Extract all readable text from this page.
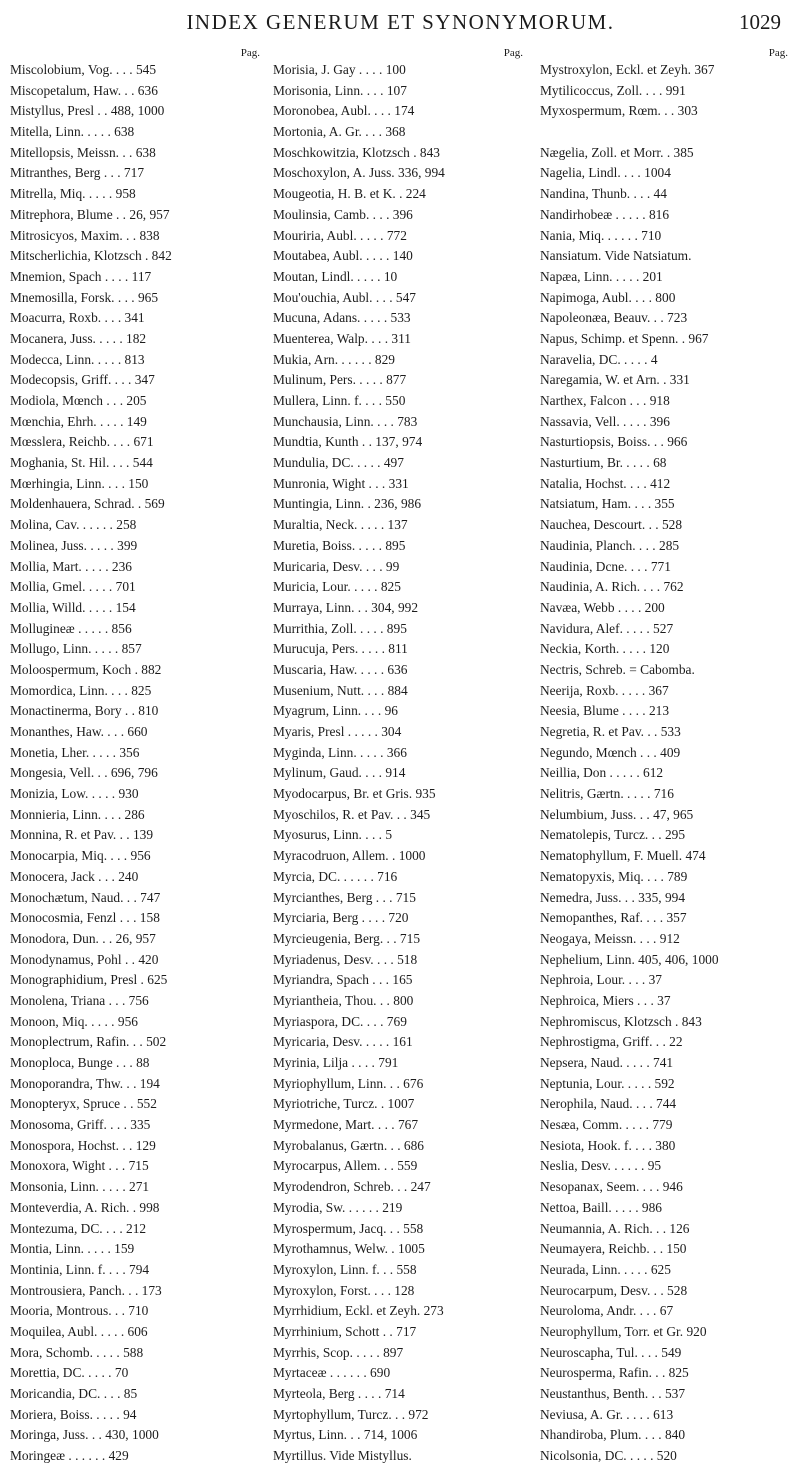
INDEX GENERUM ET SYNONYMORUM.	1029
Pag.
Miscolobium, Vog. . . . 545
Miscopetalum, Haw. . . 636
Mistyllus, Presl . . 488, 1000
Mitella, Linn. . . . . 638
Mitellopsis, Meissn. . . 638
Mitranthes, Berg . . . 717
Mitrella, Miq. . . . . 958
Mitrephora, Blume . . 26, 957
Mitrosicyos, Maxim. . . 838
Mitscherlichia, Klotzsch . 842
Mnemion, Spach . . . . 117
Mnemosilla, Forsk. . . . 965
Moacurra, Roxb. . . . 341
Mocanera, Juss. . . . . 182
Modecca, Linn. . . . . 813
Modecopsis, Griff. . . . 347
Modiola, Mœnch . . . 205
Mœnchia, Ehrh. . . . . 149
Mœsslera, Reichb. . . . 671
Moghania, St. Hil. . . . 544
Mœrhingia, Linn. . . . 150
Moldenhauera, Schrad. . 569
Molina, Cav. . . . . . 258
Molinea, Juss. . . . . 399
Mollia, Mart. . . . . 236
Mollia, Gmel. . . . . 701
Mollia, Willd. . . . . 154
Mollugineæ . . . . . 856
Mollugo, Linn. . . . . 857
Moloospermum, Koch . 882
Momordica, Linn. . . . 825
Monactinerma, Bory . . 810
Monanthes, Haw. . . . 660
Monetia, Lher. . . . . 356
Mongesia, Vell. . . 696, 796
Monizia, Low. . . . . 930
Monnieria, Linn. . . . 286
Monnina, R. et Pav. . . 139
Monocarpia, Miq. . . . 956
Monocera, Jack . . . 240
Monochætum, Naud. . . 747
Monocosmia, Fenzl . . . 158
Monodora, Dun. . . 26, 957
Monodynamus, Pohl . . 420
Monographidium, Presl . 625
Monolena, Triana . . . 756
Monoon, Miq. . . . . 956
Monoplectrum, Rafin. . . 502
Monoploca, Bunge . . . 88
Monoporandra, Thw. . . 194
Monopteryx, Spruce . . 552
Monosoma, Griff. . . . 335
Monospora, Hochst. . . 129
Monoxora, Wight . . . 715
Monsonia, Linn. . . . . 271
Monteverdia, A. Rich. . 998
Montezuma, DC. . . . 212
Montia, Linn. . . . . 159
Montinia, Linn. f. . . . 794
Montrousiera, Panch. . . 173
Mooria, Montrous. . . 710
Moquilea, Aubl. . . . . 606
Mora, Schomb. . . . . 588
Morettia, DC. . . . . 70
Moricandia, DC. . . . 85
Moriera, Boiss. . . . . 94
Moringa, Juss. . . 430, 1000
Moringeæ . . . . . . 429
Pag.
Morisia, J. Gay . . . . 100
Morisonia, Linn. . . . 107
Moronobea, Aubl. . . . 174
Mortonia, A. Gr. . . . 368
Moschkowitzia, Klotzsch . 843
Moschoxylon, A. Juss. 336, 994
Mougeotia, H. B. et K. . 224
Moulinsia, Camb. . . . 396
Mouriria, Aubl. . . . . 772
Moutabea, Aubl. . . . . 140
Moutan, Lindl. . . . . 10
Mou'ouchia, Aubl. . . . 547
Mucuna, Adans. . . . . 533
Muenterea, Walp. . . . 311
Mukia, Arn. . . . . . 829
Mulinum, Pers. . . . . 877
Mullera, Linn. f. . . . 550
Munchausia, Linn. . . . 783
Mundtia, Kunth . . 137, 974
Mundulia, DC. . . . . 497
Munronia, Wight . . . 331
Muntingia, Linn. . 236, 986
Muraltia, Neck. . . . . 137
Muretia, Boiss. . . . . 895
Muricaria, Desv. . . . 99
Muricia, Lour. . . . . 825
Murraya, Linn. . . 304, 992
Murrithia, Zoll. . . . . 895
Murucuja, Pers. . . . . 811
Muscaria, Haw. . . . . 636
Musenium, Nutt. . . . 884
Myagrum, Linn. . . . 96
Myaris, Presl . . . . . 304
Myginda, Linn. . . . . 366
Mylinum, Gaud. . . . 914
Myodocarpus, Br. et Gris. 935
Myoschilos, R. et Pav. . . 345
Myosurus, Linn. . . . 5
Myracodruon, Allem. . 1000
Myrcia, DC. . . . . . 716
Myrcianthes, Berg . . . 715
Myrciaria, Berg . . . . 720
Myrcieugenia, Berg. . . 715
Myriadenus, Desv. . . . 518
Myriandra, Spach . . . 165
Myriantheia, Thou. . . 800
Myriaspora, DC. . . . 769
Myricaria, Desv. . . . . 161
Myrinia, Lilja . . . . 791
Myriophyllum, Linn. . . 676
Myriotriche, Turcz. . 1007
Myrmedone, Mart. . . . 767
Myrobalanus, Gærtn. . . 686
Myrocarpus, Allem. . . 559
Myrodendron, Schreb. . . 247
Myrodia, Sw. . . . . . 219
Myrospermum, Jacq. . . 558
Myrothamnus, Welw. . 1005
Myroxylon, Linn. f. . . 558
Myroxylon, Forst. . . . 128
Myrrhidium, Eckl. et Zeyh. 273
Myrrhinium, Schott . . 717
Myrrhis, Scop. . . . . 897
Myrtaceæ . . . . . . 690
Myrteola, Berg . . . . 714
Myrtophyllum, Turcz. . . 972
Myrtus, Linn. . . 714, 1006
Myrtillus. Vide Mistyllus.
Pag.
Mystroxylon, Eckl. et Zeyh. 367
Mytilicoccus, Zoll. . . . 991
Myxospermum, Rœm. . . 303
Nægelia, Zoll. et Morr. . 385
Nagelia, Lindl. . . . 1004
Nandina, Thunb. . . . 44
Nandirhobeæ . . . . . 816
Nania, Miq. . . . . . 710
Nansiatum. Vide Natsiatum.
Napæa, Linn. . . . . 201
Napimoga, Aubl. . . . 800
Napoleonæa, Beauv. . . 723
Napus, Schimp. et Spenn. . 967
Naravelia, DC. . . . . 4
Naregamia, W. et Arn. . 331
Narthex, Falcon . . . 918
Nassavia, Vell. . . . . 396
Nasturtiopsis, Boiss. . . 966
Nasturtium, Br. . . . . 68
Natalia, Hochst. . . . 412
Natsiatum, Ham. . . . 355
Nauchea, Descourt. . . 528
Naudinia, Planch. . . . 285
Naudinia, Dcne. . . . 771
Naudinia, A. Rich. . . . 762
Navæa, Webb . . . . 200
Navidura, Alef. . . . . 527
Neckia, Korth. . . . . 120
Nectris, Schreb. = Cabomba.
Neerija, Roxb. . . . . 367
Neesia, Blume . . . . 213
Negretia, R. et Pav. . . 533
Negundo, Mœnch . . . 409
Neillia, Don . . . . . 612
Nelitris, Gærtn. . . . . 716
Nelumbium, Juss. . . 47, 965
Nematolepis, Turcz. . . 295
Nematophyllum, F. Muell. 474
Nematopyxis, Miq. . . . 789
Nemedra, Juss. . . 335, 994
Nemopanthes, Raf. . . . 357
Neogaya, Meissn. . . . 912
Nephelium, Linn. 405, 406, 1000
Nephroia, Lour. . . . 37
Nephroica, Miers . . . 37
Nephromiscus, Klotzsch . 843
Nephrostigma, Griff. . . 22
Nepsera, Naud. . . . . 741
Neptunia, Lour. . . . . 592
Nerophila, Naud. . . . 744
Nesæa, Comm. . . . . 779
Nesiota, Hook. f. . . . 380
Neslia, Desv. . . . . . 95
Nesopanax, Seem. . . . 946
Nettoa, Baill. . . . . 986
Neumannia, A. Rich. . . 126
Neumayera, Reichb. . . 150
Neurada, Linn. . . . . 625
Neurocarpum, Desv. . . 528
Neuroloma, Andr. . . . 67
Neurophyllum, Torr. et Gr. 920
Neuroscapha, Tul. . . . 549
Neurosperma, Rafin. . . 825
Neustanthus, Benth. . . 537
Neviusa, A. Gr. . . . . 613
Nhandiroba, Plum. . . . 840
Nicolsonia, DC. . . . . 520
